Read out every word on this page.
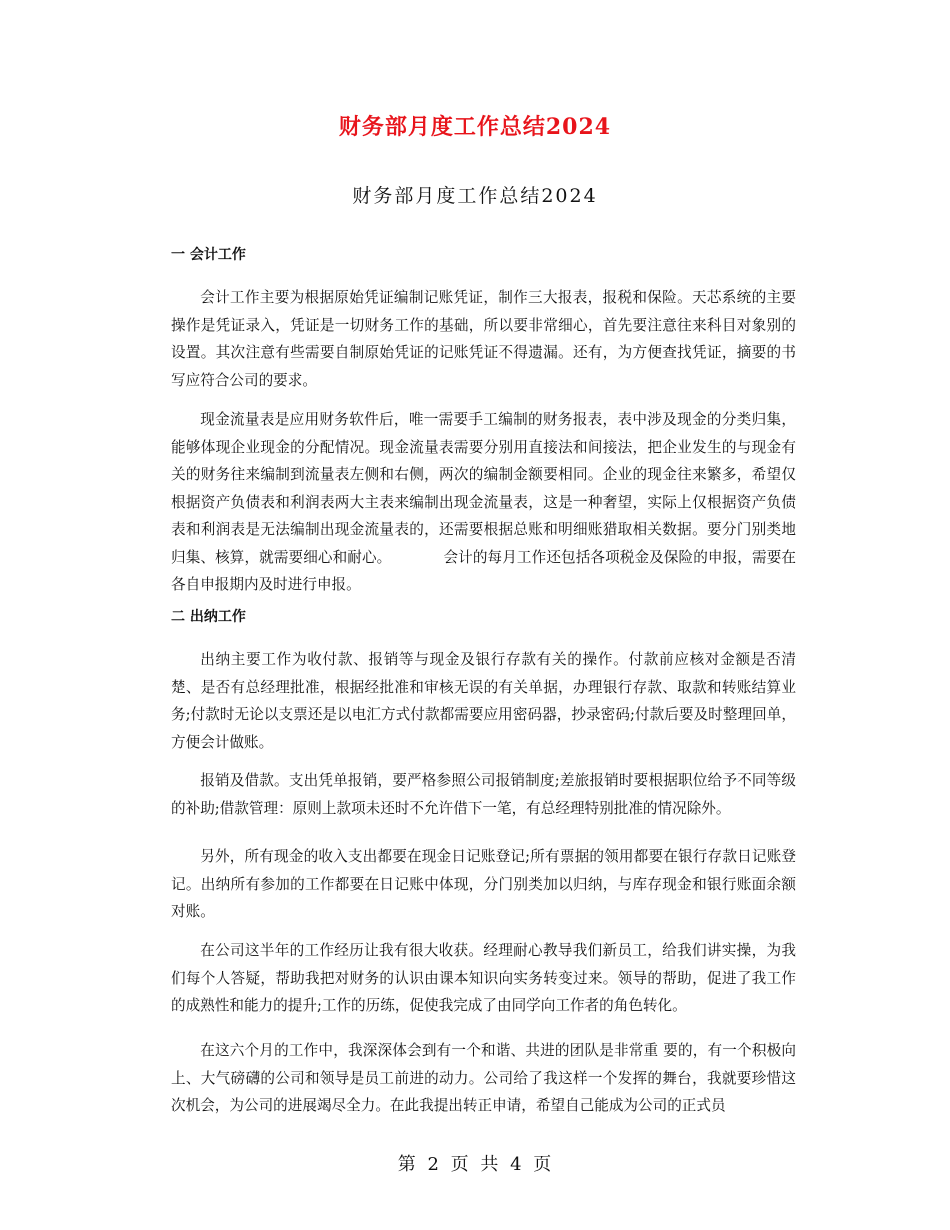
财务部月度工作总结2024
财务部月度工作总结2024
一 会计工作
会计工作主要为根据原始凭证编制记账凭证，制作三大报表，报税和保险。天芯系统的主要操作是凭证录入，凭证是一切财务工作的基础，所以要非常细心，首先要注意往来科目对象别的设置。其次注意有些需要自制原始凭证的记账凭证不得遗漏。还有，为方便查找凭证，摘要的书写应符合公司的要求。
现金流量表是应用财务软件后，唯一需要手工编制的财务报表，表中涉及现金的分类归集，能够体现企业现金的分配情况。现金流量表需要分别用直接法和间接法，把企业发生的与现金有关的财务往来编制到流量表左侧和右侧，两次的编制金额要相同。企业的现金往来繁多，希望仅根据资产负债表和利润表两大主表来编制出现金流量表，这是一种奢望，实际上仅根据资产负债表和利润表是无法编制出现金流量表的，还需要根据总账和明细账猎取相关数据。要分门别类地归集、核算，就需要细心和耐心。	会计的每月工作还包括各项税金及保险的申报，需要在各自申报期内及时进行申报。
二 出纳工作
出纳主要工作为收付款、报销等与现金及银行存款有关的操作。付款前应核对金额是否清楚、是否有总经理批准，根据经批准和审核无误的有关单据，办理银行存款、取款和转账结算业务;付款时无论以支票还是以电汇方式付款都需要应用密码器，抄录密码;付款后要及时整理回单，方便会计做账。
报销及借款。支出凭单报销，要严格参照公司报销制度;差旅报销时要根据职位给予不同等级的补助;借款管理：原则上款项未还时不允许借下一笔，有总经理特别批准的情况除外。
另外，所有现金的收入支出都要在现金日记账登记;所有票据的领用都要在银行存款日记账登记。出纳所有参加的工作都要在日记账中体现，分门别类加以归纳，与库存现金和银行账面余额对账。
在公司这半年的工作经历让我有很大收获。经理耐心教导我们新员工，给我们讲实操，为我们每个人答疑，帮助我把对财务的认识由课本知识向实务转变过来。领导的帮助，促进了我工作的成熟性和能力的提升;工作的历练，促使我完成了由同学向工作者的角色转化。
在这六个月的工作中，我深深体会到有一个和谐、共进的团队是非常重 要的，有一个积极向上、大气磅礴的公司和领导是员工前进的动力。公司给了我这样一个发挥的舞台，我就要珍惜这次机会，为公司的进展竭尽全力。在此我提出转正申请，希望自己能成为公司的正式员
第 2 页 共 4 页
